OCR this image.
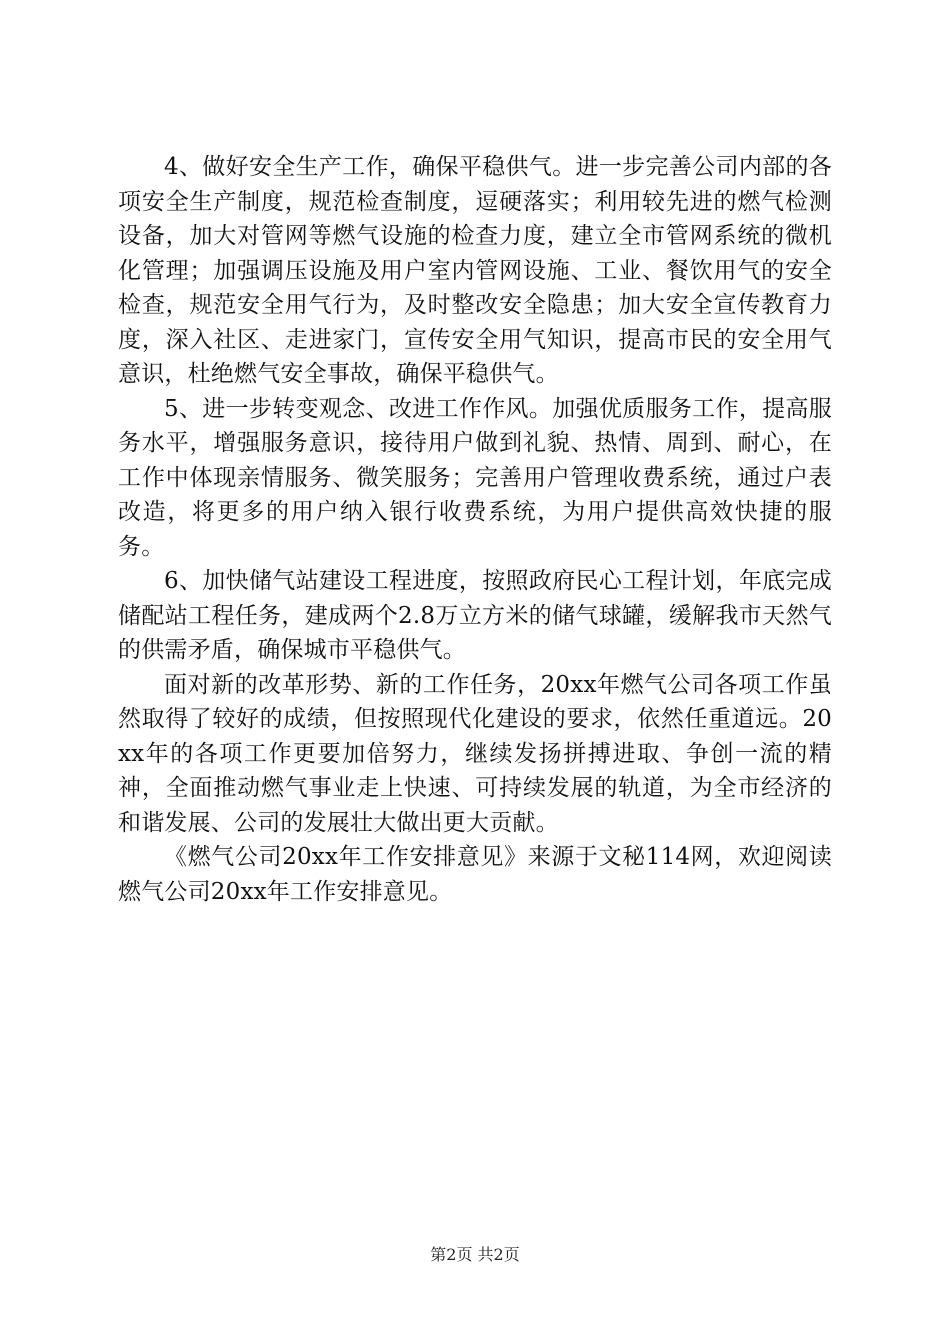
4、做好安全生产工作，确保平稳供气。进一步完善公司内部的各项安全生产制度，规范检查制度，逗硬落实；利用较先进的燃气检测设备，加大对管网等燃气设施的检查力度，建立全市管网系统的微机化管理；加强调压设施及用户室内管网设施、工业、餐饮用气的安全检查，规范安全用气行为，及时整改安全隐患；加大安全宣传教育力度，深入社区、走进家门，宣传安全用气知识，提高市民的安全用气意识，杜绝燃气安全事故，确保平稳供气。

5、进一步转变观念、改进工作作风。加强优质服务工作，提高服务水平，增强服务意识，接待用户做到礼貌、热情、周到、耐心，在工作中体现亲情服务、微笑服务；完善用户管理收费系统，通过户表改造，将更多的用户纳入银行收费系统，为用户提供高效快捷的服务。

6、加快储气站建设工程进度，按照政府民心工程计划，年底完成储配站工程任务，建成两个2.8万立方米的储气球罐，缓解我市天然气的供需矛盾，确保城市平稳供气。

面对新的改革形势、新的工作任务，20xx年燃气公司各项工作虽然取得了较好的成绩，但按照现代化建设的要求，依然任重道远。20xx年的各项工作更要加倍努力，继续发扬拼搏进取、争创一流的精神，全面推动燃气事业走上快速、可持续发展的轨道，为全市经济的和谐发展、公司的发展壮大做出更大贡献。

《燃气公司20xx年工作安排意见》来源于文秘114网，欢迎阅读燃气公司20xx年工作安排意见。

第2页 共2页
